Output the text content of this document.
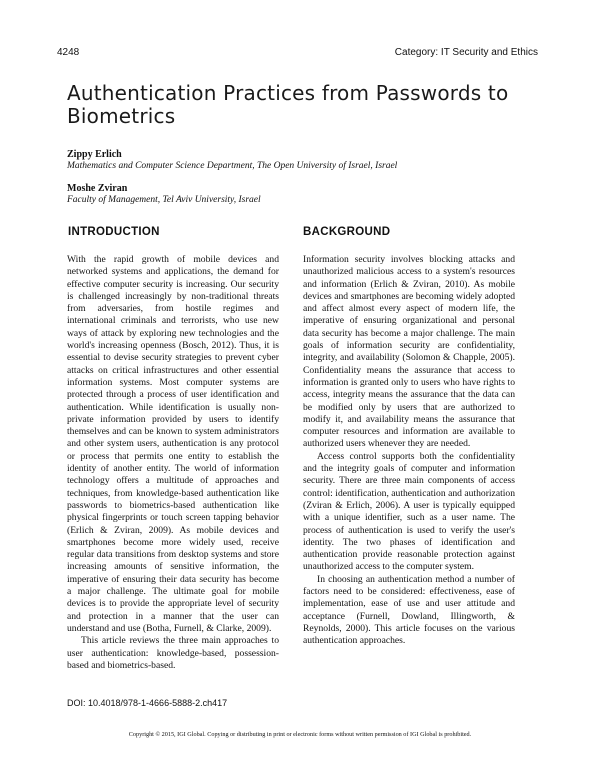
4248	Category: IT Security and Ethics
Authentication Practices from Passwords to Biometrics
Zippy Erlich
Mathematics and Computer Science Department, The Open University of Israel, Israel
Moshe Zviran
Faculty of Management, Tel Aviv University, Israel
INTRODUCTION	BACKGROUND

With the rapid growth of mobile devices and networked systems and applications, the demand for effective computer security is increasing. Our security is challenged increasingly by non-traditional threats from adversaries, from hostile regimes and international criminals and terrorists, who use new ways of attack by exploring new technologies and the world's increasing openness (Bosch, 2012). Thus, it is essential to devise security strategies to prevent cyber attacks on critical infrastructures and other essential information systems. Most computer systems are protected through a process of user identification and authentication. While identification is usually non-private information provided by users to identify themselves and can be known to system administrators and other system users, authentication is any protocol or process that permits one entity to establish the identity of another entity. The world of information technology offers a multitude of approaches and techniques, from knowledge-based authentication like passwords to biometrics-based authentication like physical fingerprints or touch screen tapping behavior (Erlich & Zviran, 2009). As mobile devices and smartphones become more widely used, receive regular data transitions from desktop systems and store increasing amounts of sensitive information, the imperative of ensuring their data security has become a major challenge. The ultimate goal for mobile devices is to provide the appropriate level of security and protection in a manner that the user can understand and use (Botha, Furnell, & Clarke, 2009).

This article reviews the three main approaches to user authentication: knowledge-based, possession-based and biometrics-based.

Information security involves blocking attacks and unauthorized malicious access to a system's resources and information (Erlich & Zviran, 2010). As mobile devices and smartphones are becoming widely adopted and affect almost every aspect of modern life, the imperative of ensuring organizational and personal data security has become a major challenge. The main goals of information security are confidentiality, integrity, and availability (Solomon & Chapple, 2005). Confidentiality means the assurance that access to information is granted only to users who have rights to access, integrity means the assurance that the data can be modified only by users that are authorized to modify it, and availability means the assurance that computer resources and information are available to authorized users whenever they are needed.

Access control supports both the confidentiality and the integrity goals of computer and information security. There are three main components of access control: identification, authentication and authorization (Zviran & Erlich, 2006). A user is typically equipped with a unique identifier, such as a user name. The process of authentication is used to verify the user's identity. The two phases of identification and authentication provide reasonable protection against unauthorized access to the computer system.

In choosing an authentication method a number of factors need to be considered: effectiveness, ease of implementation, ease of use and user attitude and acceptance (Furnell, Dowland, Illingworth, & Reynolds, 2000). This article focuses on the various authentication approaches.

DOI: 10.4018/978-1-4666-5888-2.ch417
Copyright © 2015, IGI Global. Copying or distributing in print or electronic forms without written permission of IGI Global is prohibited.
